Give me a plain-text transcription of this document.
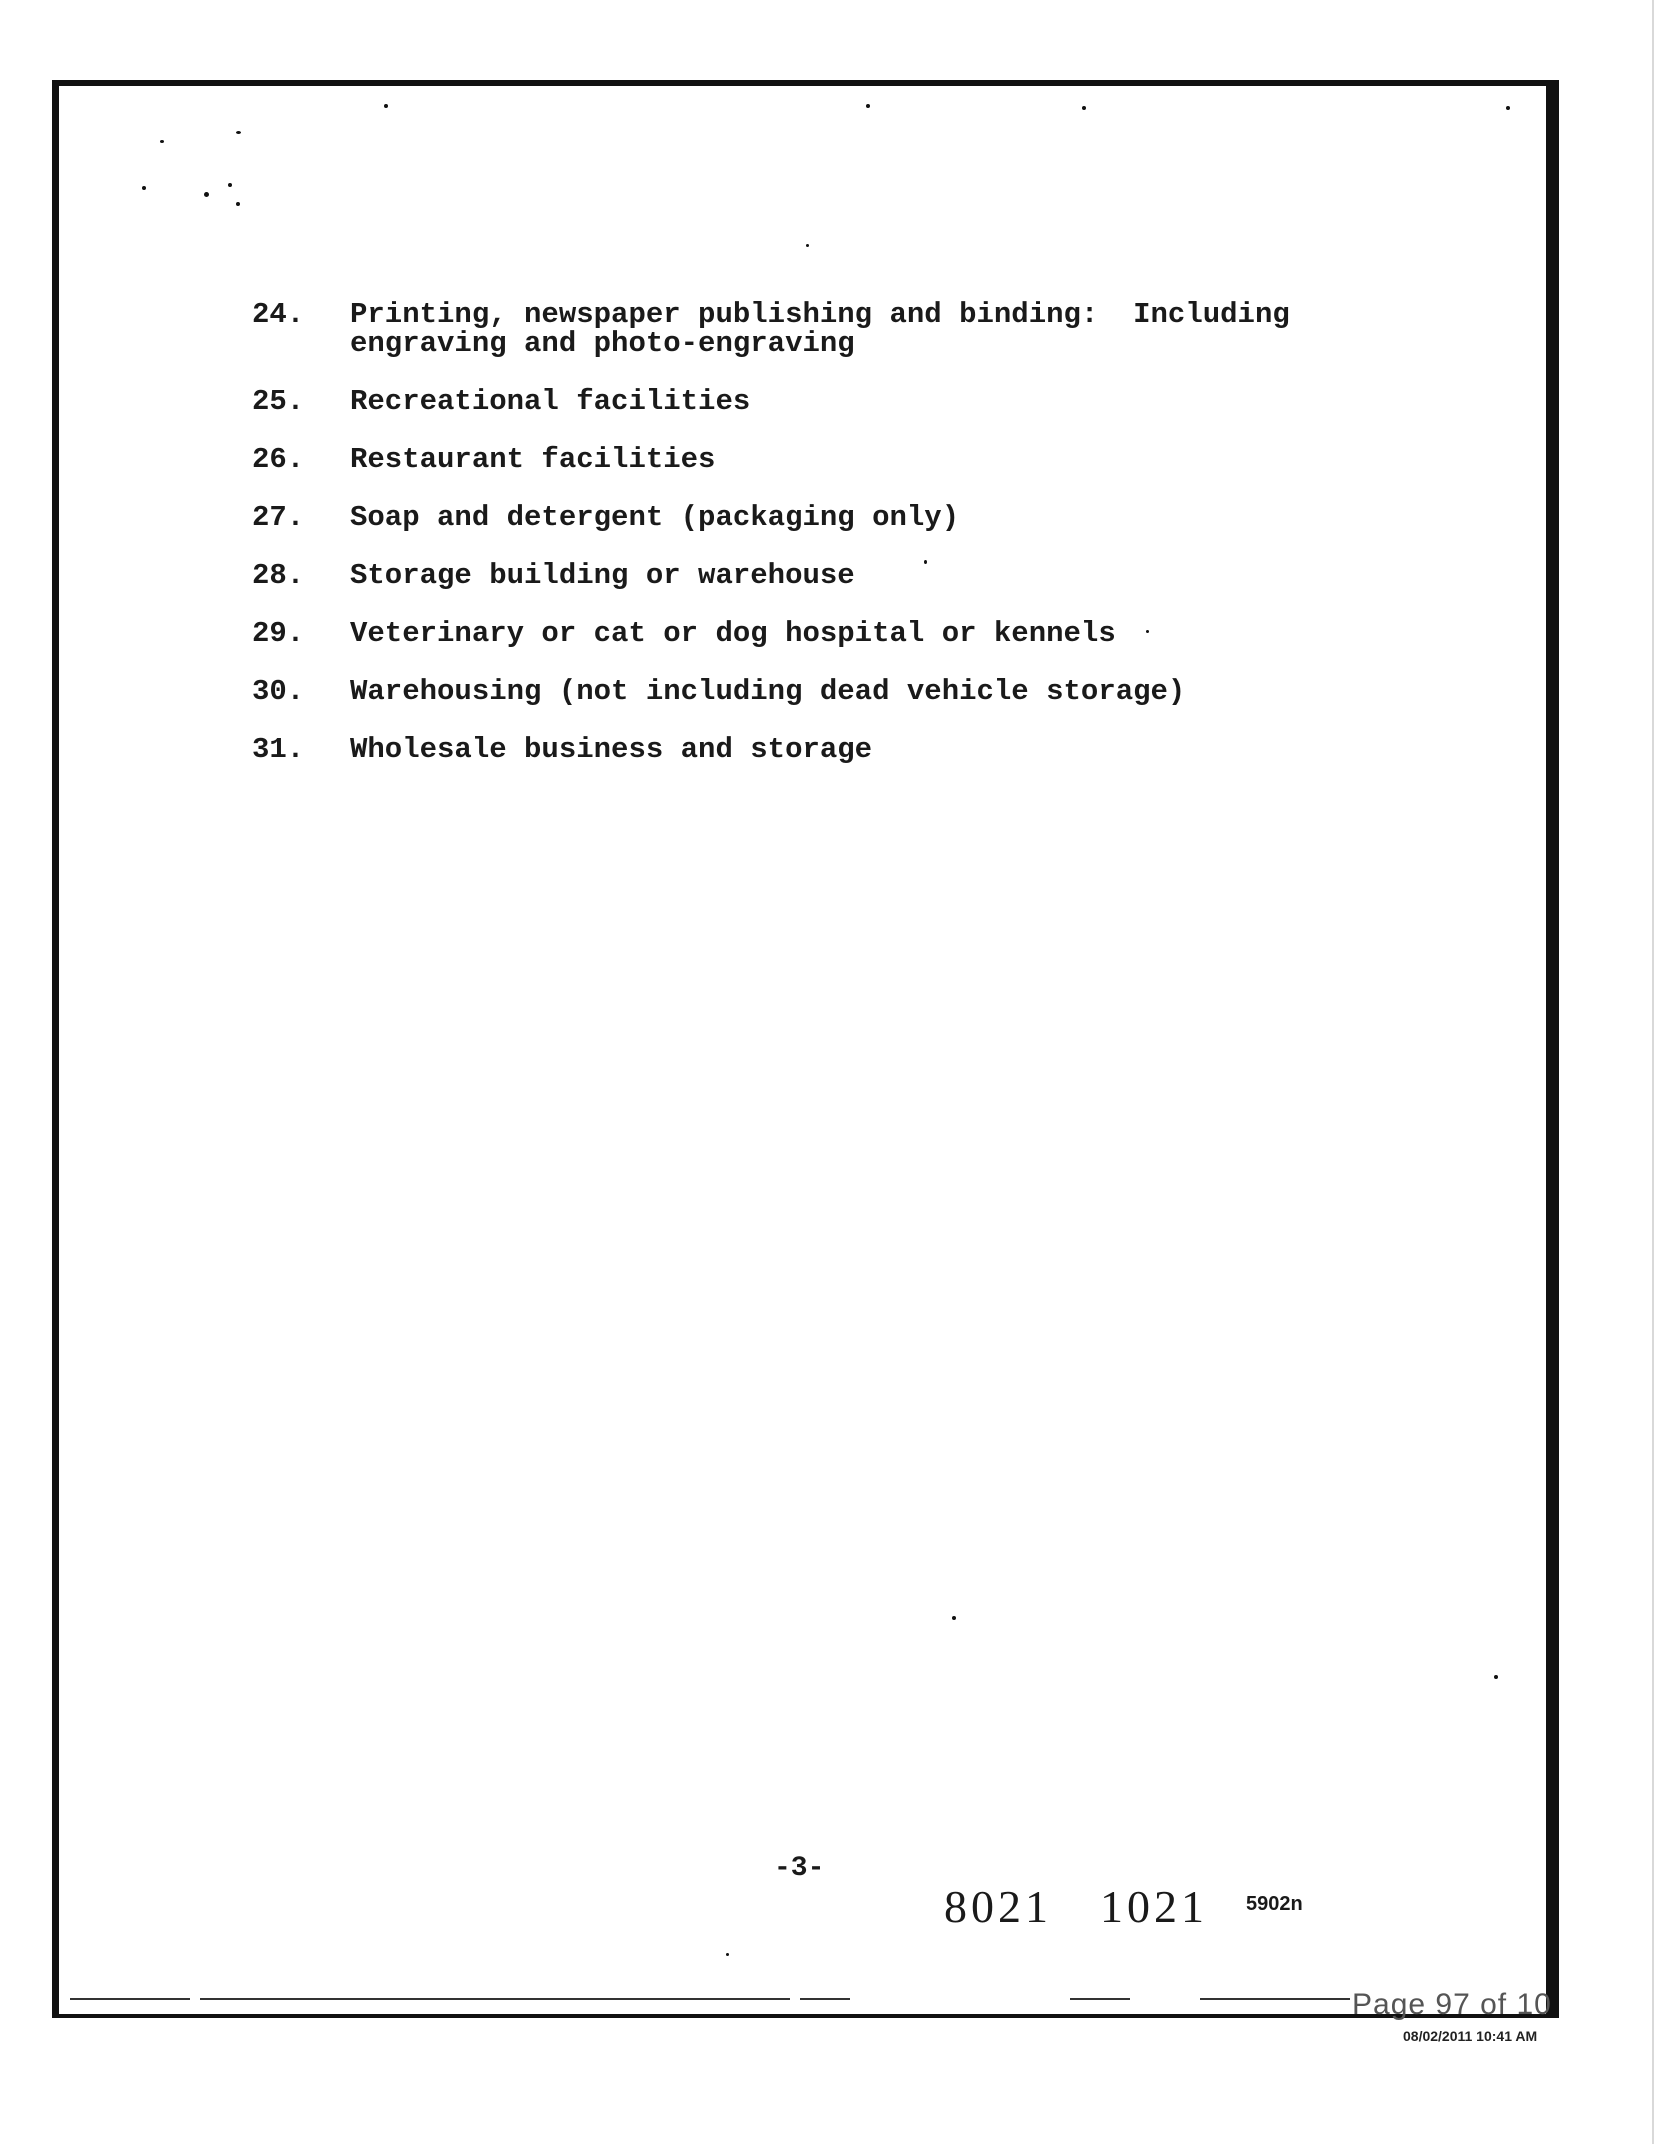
24.	Printing, newspaper publishing and binding:  Including
engraving and photo-engraving
25.	Recreational facilities
26.	Restaurant facilities
27.	Soap and detergent (packaging only)
28.	Storage building or warehouse
29.	Veterinary or cat or dog hospital or kennels
30.	Warehousing (not including dead vehicle storage)
31.	Wholesale business and storage
-3-
8021 1021	5902n
Page 97 of 10
08/02/2011 10:41 AM
